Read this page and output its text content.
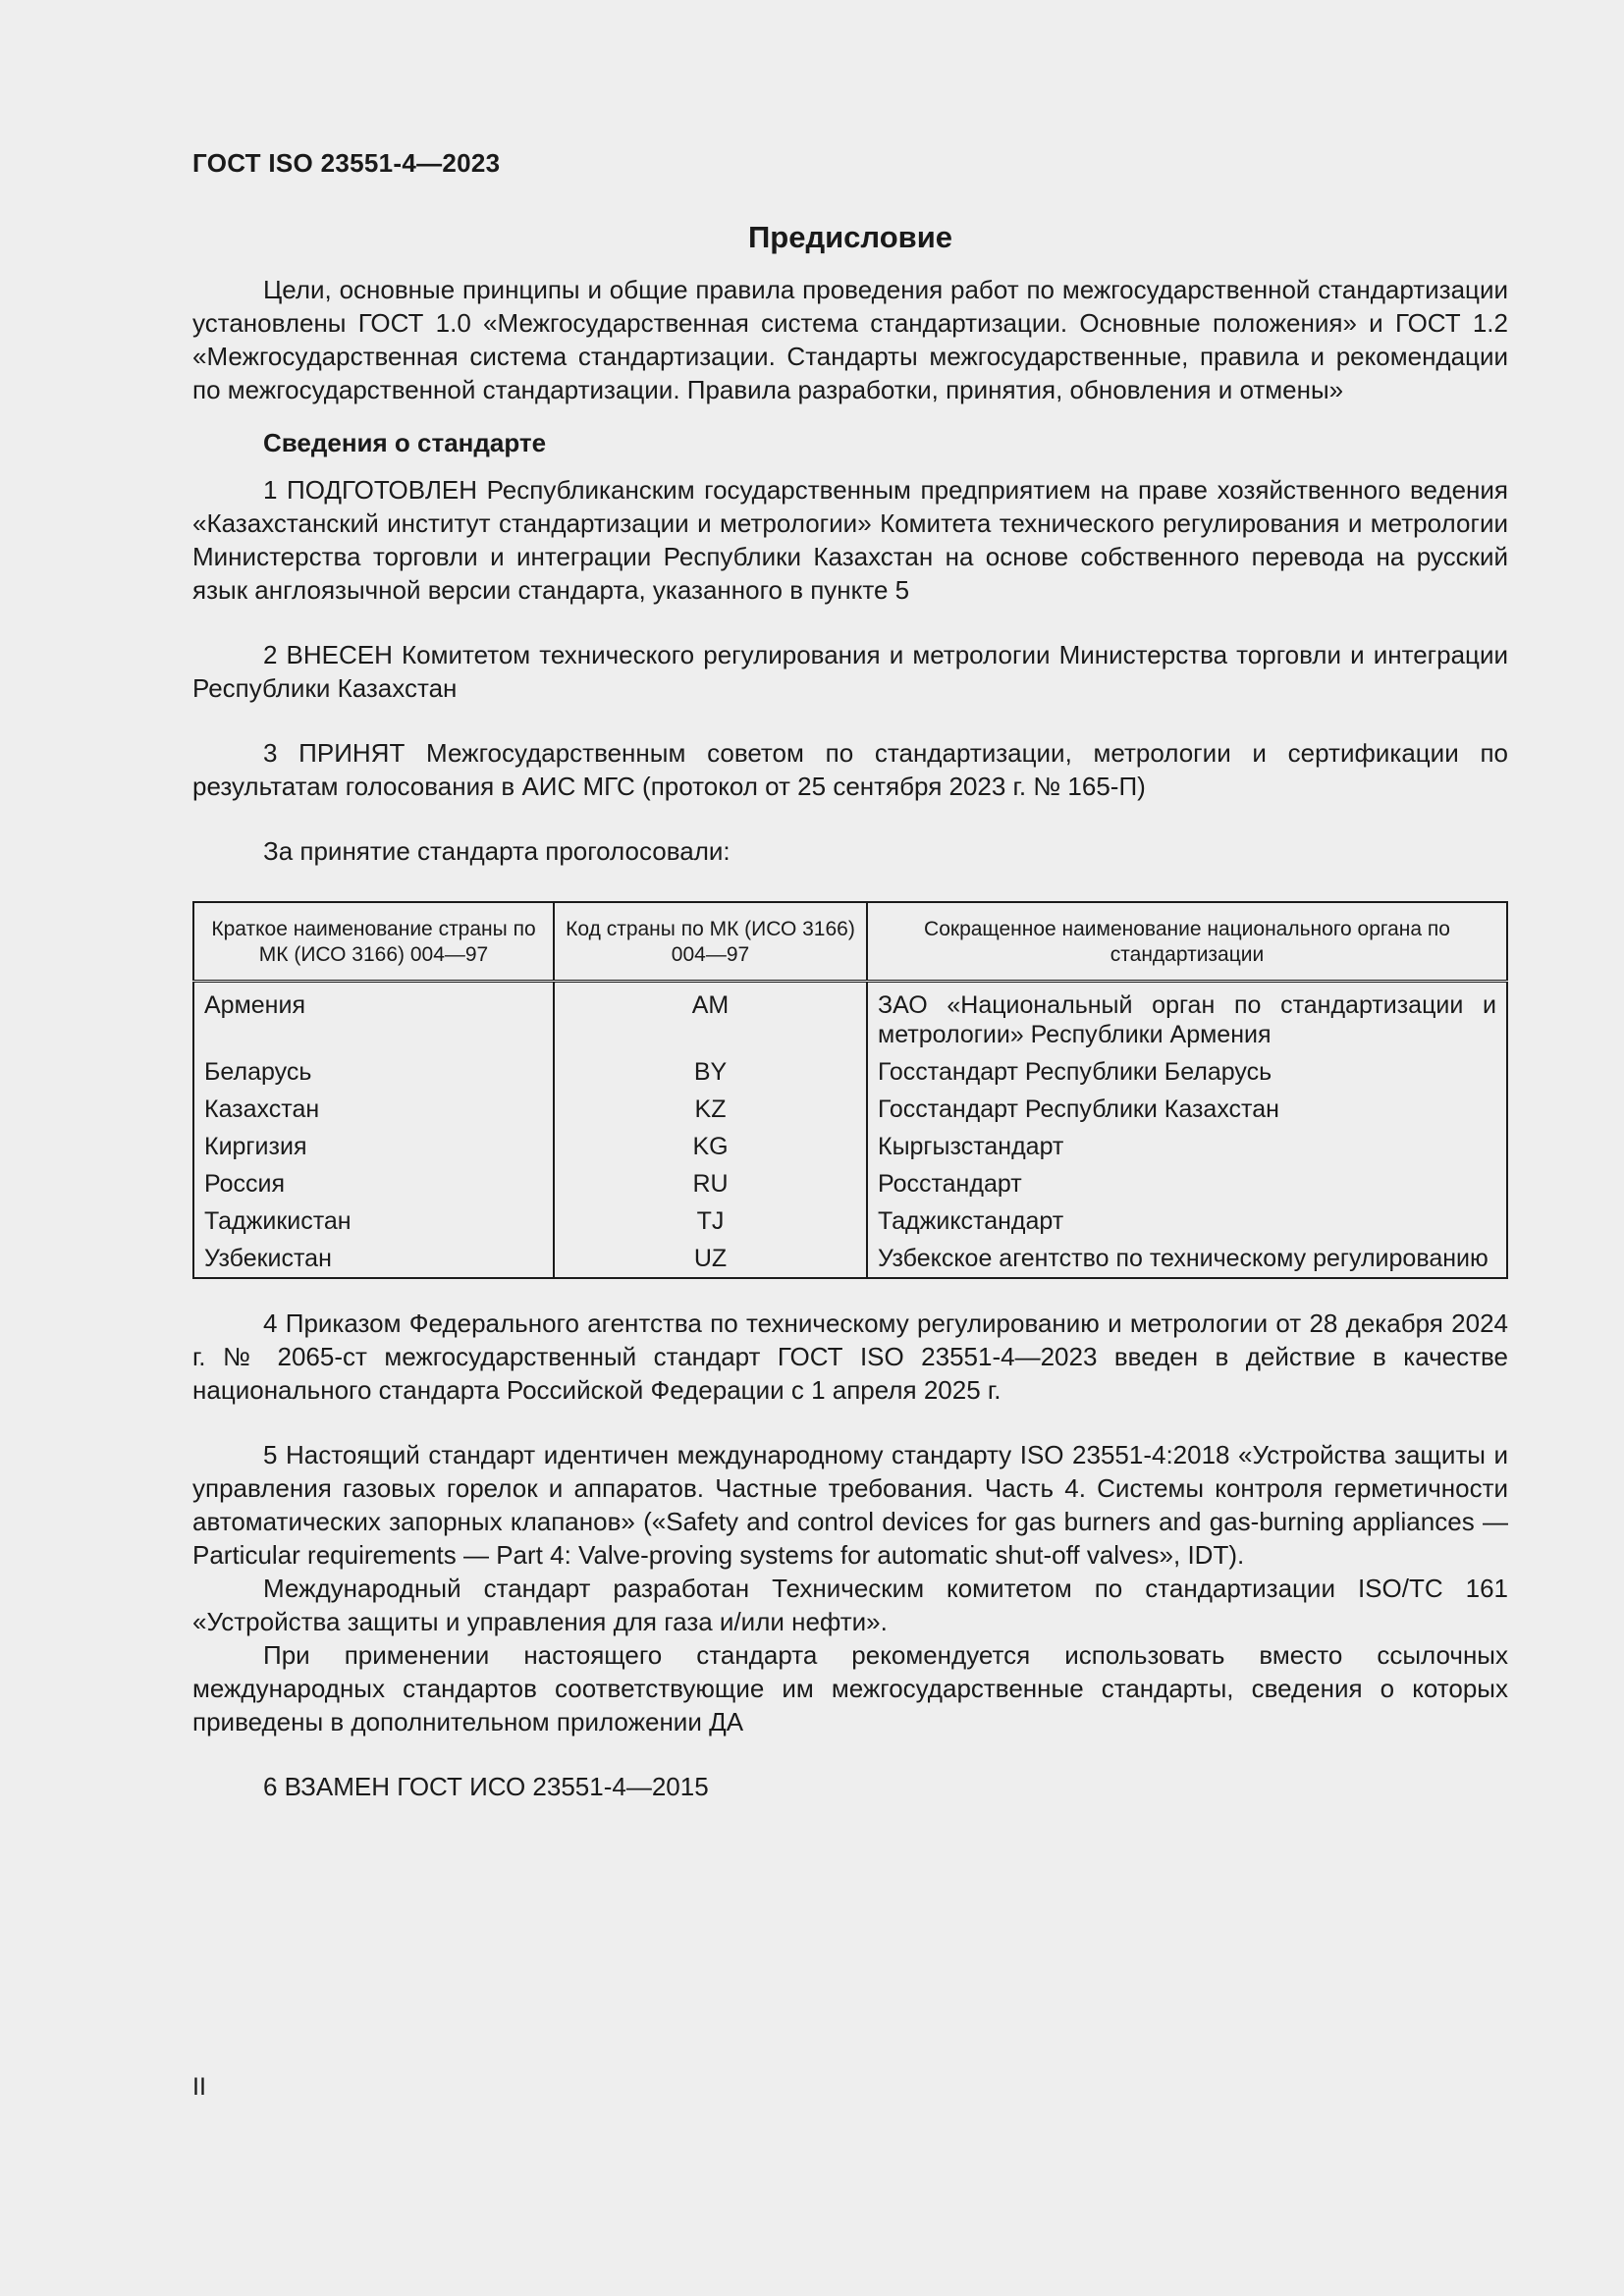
ГОСТ ISO 23551-4—2023
Предисловие

Цели, основные принципы и общие правила проведения работ по межгосударственной стандартизации установлены ГОСТ 1.0 «Межгосударственная система стандартизации. Основные положения» и ГОСТ 1.2 «Межгосударственная система стандартизации. Стандарты межгосударственные, правила и рекомендации по межгосударственной стандартизации. Правила разработки, принятия, обновления и отмены»

Сведения о стандарте

1 ПОДГОТОВЛЕН Республиканским государственным предприятием на праве хозяйственного ведения «Казахстанский институт стандартизации и метрологии» Комитета технического регулирования и метрологии Министерства торговли и интеграции Республики Казахстан на основе собственного перевода на русский язык англоязычной версии стандарта, указанного в пункте 5

2 ВНЕСЕН Комитетом технического регулирования и метрологии Министерства торговли и интеграции Республики Казахстан

3 ПРИНЯТ Межгосударственным советом по стандартизации, метрологии и сертификации по результатам голосования в АИС МГС (протокол от 25 сентября 2023 г. № 165-П)

За принятие стандарта проголосовали:

Краткое наименование страны по МК (ИСО 3166) 004—97	Код страны по МК (ИСО 3166) 004—97	Сокращенное наименование национального органа по стандартизации
Армения	AM	ЗАО «Национальный орган по стандартизации и метрологии» Республики Армения
Беларусь	BY	Госстандарт Республики Беларусь
Казахстан	KZ	Госстандарт Республики Казахстан
Киргизия	KG	Кыргызстандарт
Россия	RU	Росстандарт
Таджикистан	TJ	Таджикстандарт
Узбекистан	UZ	Узбекское агентство по техническому регулированию

4 Приказом Федерального агентства по техническому регулированию и метрологии от 28 декабря 2024 г. № 2065-ст межгосударственный стандарт ГОСТ ISO 23551-4—2023 введен в действие в качестве национального стандарта Российской Федерации с 1 апреля 2025 г.

5 Настоящий стандарт идентичен международному стандарту ISO 23551-4:2018 «Устройства защиты и управления газовых горелок и аппаратов. Частные требования. Часть 4. Системы контроля герметичности автоматических запорных клапанов» («Safety and control devices for gas burners and gas-burning appliances — Particular requirements — Part 4: Valve-proving systems for automatic shut-off valves», IDT).

Международный стандарт разработан Техническим комитетом по стандартизации ISO/TC 161 «Устройства защиты и управления для газа и/или нефти».

При применении настоящего стандарта рекомендуется использовать вместо ссылочных международных стандартов соответствующие им межгосударственные стандарты, сведения о которых приведены в дополнительном приложении ДА

6 ВЗАМЕН ГОСТ ИСО 23551-4—2015

II
